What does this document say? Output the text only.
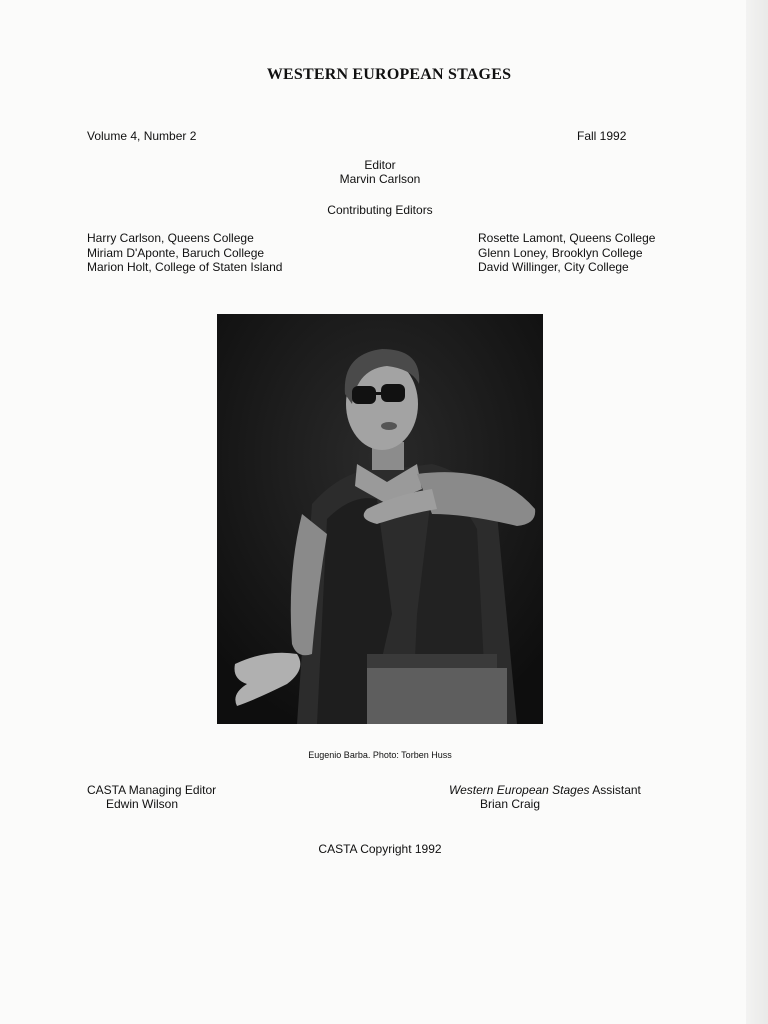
WESTERN EUROPEAN STAGES
Volume 4, Number 2	Fall 1992
Editor
Marvin Carlson
Contributing Editors
Harry Carlson, Queens College
Miriam D'Aponte, Baruch College
Marion Holt, College of Staten Island
Rosette Lamont, Queens College
Glenn Loney, Brooklyn College
David Willinger, City College
Eugenio Barba. Photo: Torben Huss
CASTA Managing Editor
Edwin Wilson
Western European Stages Assistant
Brian Craig
CASTA Copyright 1992
